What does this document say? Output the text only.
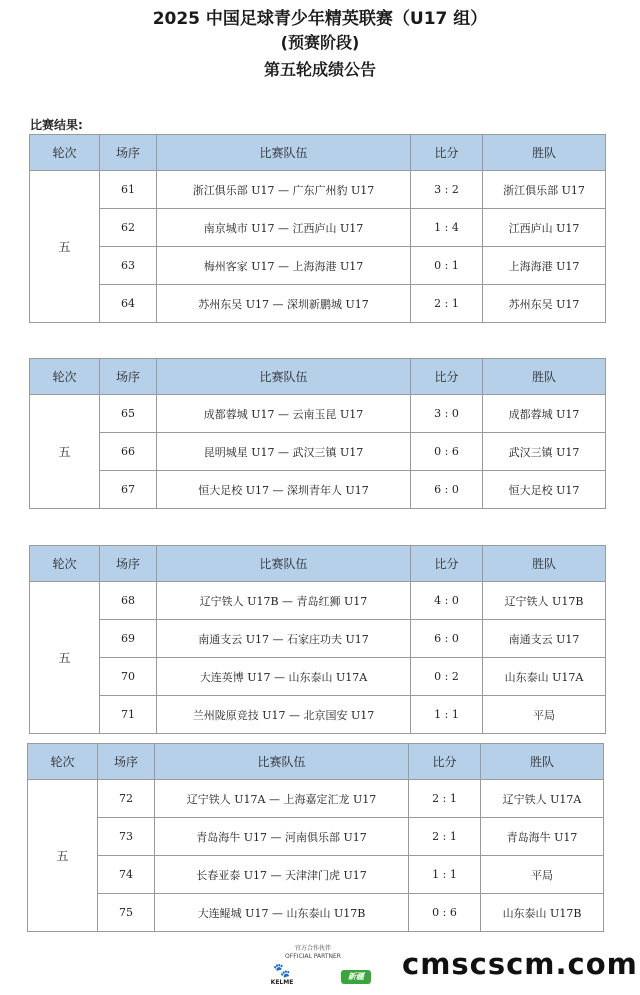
2025 中国足球青少年精英联赛（U17 组）
(预赛阶段)
第五轮成绩公告
比赛结果:
轮次	场序	比赛队伍	比分	胜队
五	61	浙江俱乐部 U17 — 广东广州豹 U17	3 : 2	浙江俱乐部 U17
	62	南京城市 U17 — 江西庐山 U17	1 : 4	江西庐山 U17
	63	梅州客家 U17 — 上海海港 U17	0 : 1	上海海港 U17
	64	苏州东吴 U17 — 深圳新鹏城 U17	2 : 1	苏州东吴 U17
轮次	场序	比赛队伍	比分	胜队
五	65	成都蓉城 U17 — 云南玉昆 U17	3 : 0	成都蓉城 U17
	66	昆明城星 U17 — 武汉三镇 U17	0 : 6	武汉三镇 U17
	67	恒大足校 U17 — 深圳青年人 U17	6 : 0	恒大足校 U17
轮次	场序	比赛队伍	比分	胜队
五	68	辽宁铁人 U17B — 青岛红狮 U17	4 : 0	辽宁铁人 U17B
	69	南通支云 U17 — 石家庄功夫 U17	6 : 0	南通支云 U17
	70	大连英博 U17 — 山东泰山 U17A	0 : 2	山东泰山 U17A
	71	兰州陇原竞技 U17 — 北京国安 U17	1 : 1	平局
轮次	场序	比赛队伍	比分	胜队
五	72	辽宁铁人 U17A — 上海嘉定汇龙 U17	2 : 1	辽宁铁人 U17A
	73	青岛海牛 U17 — 河南俱乐部 U17	2 : 1	青岛海牛 U17
	74	长春亚泰 U17 — 天津津门虎 U17	1 : 1	平局
	75	大连鲲城 U17 — 山东泰山 U17B	0 : 6	山东泰山 U17B
官方合作伙伴
OFFICIAL PARTNER
🐾
KELME
新疆 cmscscm.com
